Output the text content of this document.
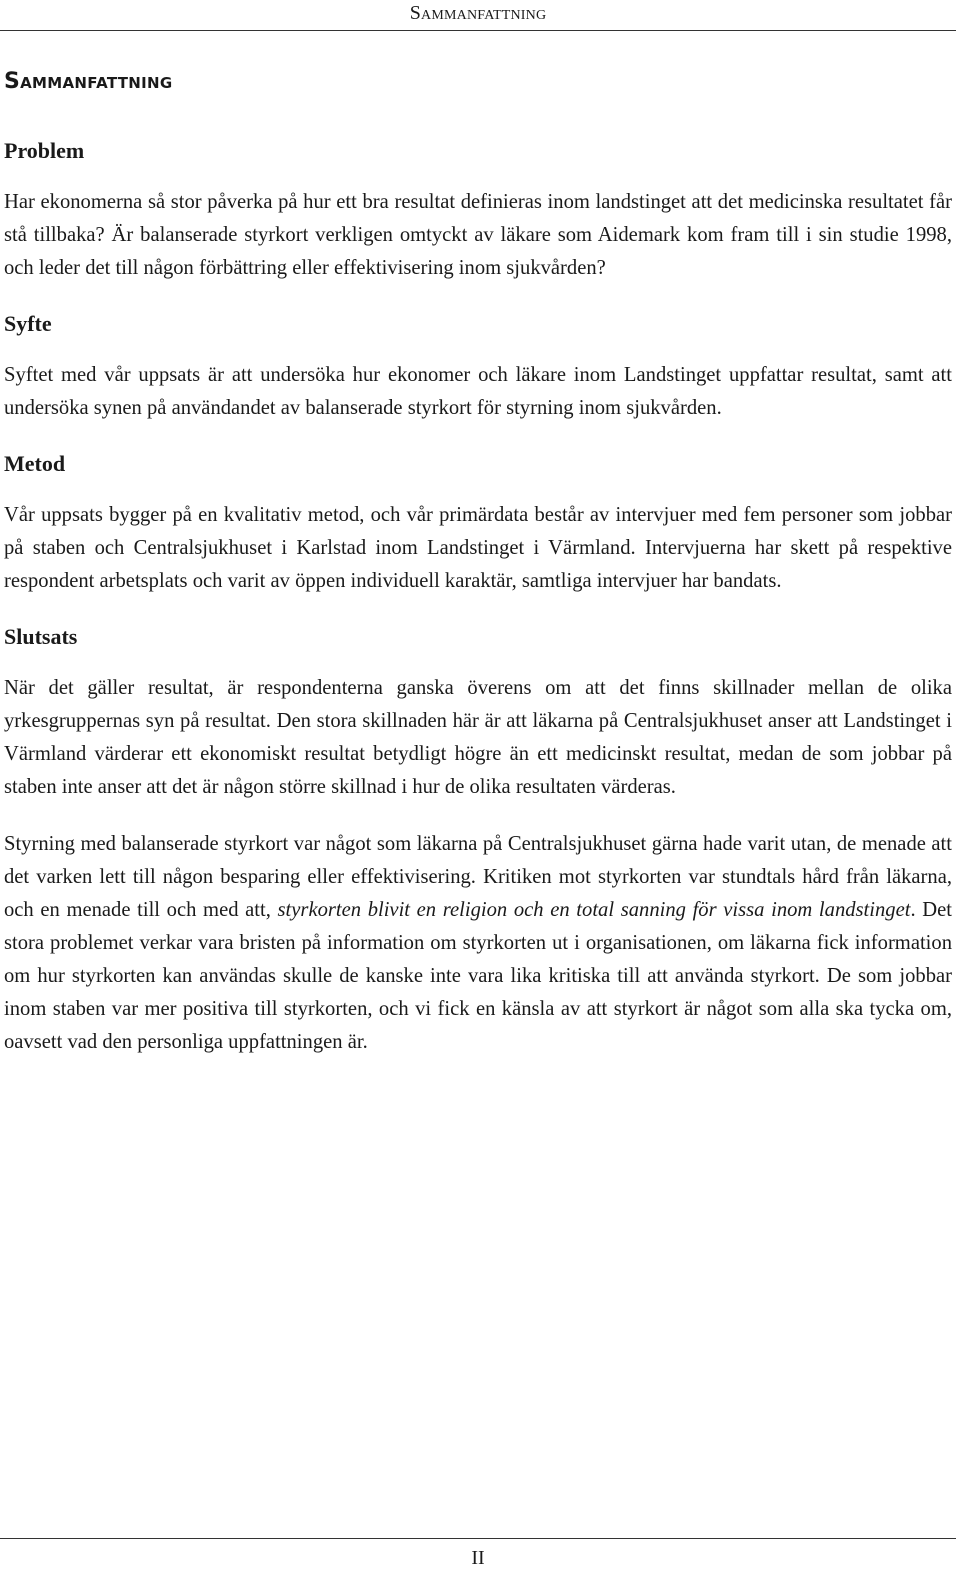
Sammanfattning
Sammanfattning
Problem

Har ekonomerna så stor påverka på hur ett bra resultat definieras inom landstinget att det medicinska resultatet får stå tillbaka? Är balanserade styrkort verkligen omtyckt av läkare som Aidemark kom fram till i sin studie 1998, och leder det till någon förbättring eller effektivisering inom sjukvården?

Syfte

Syftet med vår uppsats är att undersöka hur ekonomer och läkare inom Landstinget uppfattar resultat, samt att undersöka synen på användandet av balanserade styrkort för styrning inom sjukvården.

Metod

Vår uppsats bygger på en kvalitativ metod, och vår primärdata består av intervjuer med fem personer som jobbar på staben och Centralsjukhuset i Karlstad inom Landstinget i Värmland. Intervjuerna har skett på respektive respondent arbetsplats och varit av öppen individuell karaktär, samtliga intervjuer har bandats.

Slutsats

När det gäller resultat, är respondenterna ganska överens om att det finns skillnader mellan de olika yrkesgruppernas syn på resultat. Den stora skillnaden här är att läkarna på Centralsjukhuset anser att Landstinget i Värmland värderar ett ekonomiskt resultat betydligt högre än ett medicinskt resultat, medan de som jobbar på staben inte anser att det är någon större skillnad i hur de olika resultaten värderas.

Styrning med balanserade styrkort var något som läkarna på Centralsjukhuset gärna hade varit utan, de menade att det varken lett till någon besparing eller effektivisering. Kritiken mot styrkorten var stundtals hård från läkarna, och en menade till och med att, styrkorten blivit en religion och en total sanning för vissa inom landstinget. Det stora problemet verkar vara bristen på information om styrkorten ut i organisationen, om läkarna fick information om hur styrkorten kan användas skulle de kanske inte vara lika kritiska till att använda styrkort. De som jobbar inom staben var mer positiva till styrkorten, och vi fick en känsla av att styrkort är något som alla ska tycka om, oavsett vad den personliga uppfattningen är.

II
